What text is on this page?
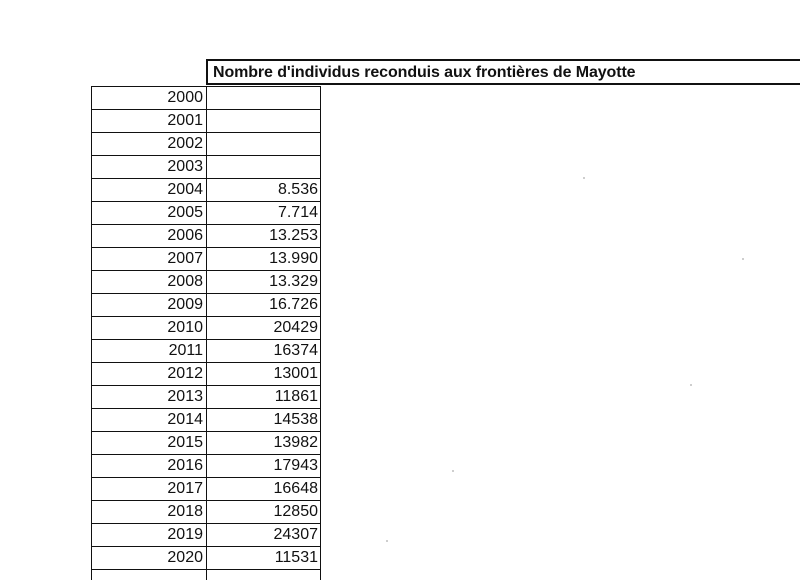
Nombre d'individus reconduis aux frontières de Mayotte
2000
2001
2002
2003
2004	8.536
2005	7.714
2006	13.253
2007	13.990
2008	13.329
2009	16.726
2010	20429
2011	16374
2012	13001
2013	11861
2014	14538
2015	13982
2016	17943
2017	16648
2018	12850
2019	24307
2020	11531
